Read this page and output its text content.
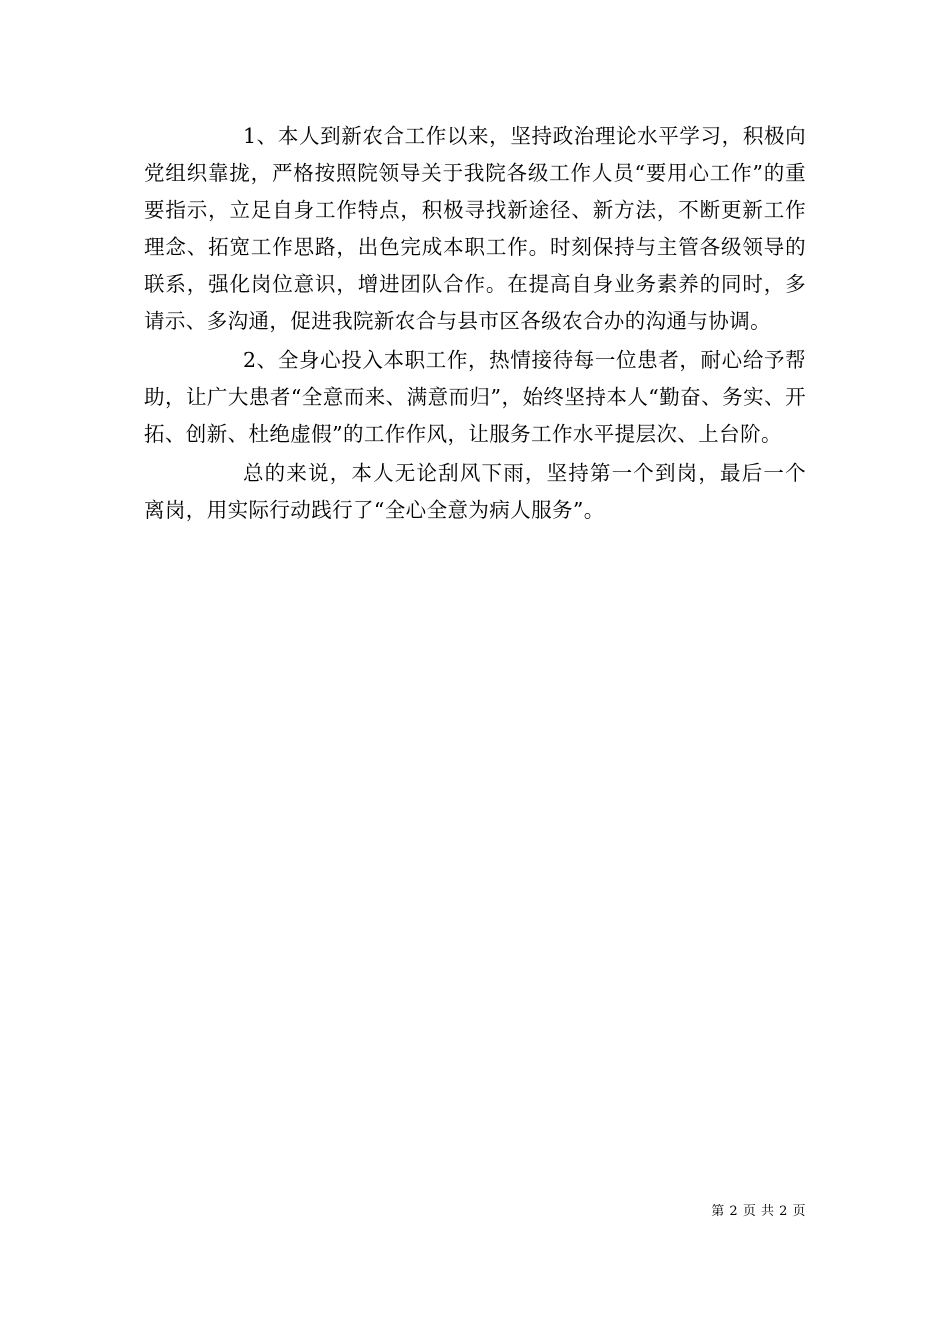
1、本人到新农合工作以来，坚持政治理论水平学习，积极向党组织靠拢，严格按照院领导关于我院各级工作人员“要用心工作”的重要指示，立足自身工作特点，积极寻找新途径、新方法，不断更新工作理念、拓宽工作思路，出色完成本职工作。时刻保持与主管各级领导的联系，强化岗位意识，增进团队合作。在提高自身业务素养的同时，多请示、多沟通，促进我院新农合与县市区各级农合办的沟通与协调。

2、全身心投入本职工作，热情接待每一位患者，耐心给予帮助，让广大患者“全意而来、满意而归”，始终坚持本人“勤奋、务实、开拓、创新、杜绝虚假”的工作作风，让服务工作水平提层次、上台阶。

总的来说，本人无论刮风下雨，坚持第一个到岗，最后一个离岗，用实际行动践行了“全心全意为病人服务”。

第 2 页 共 2 页
